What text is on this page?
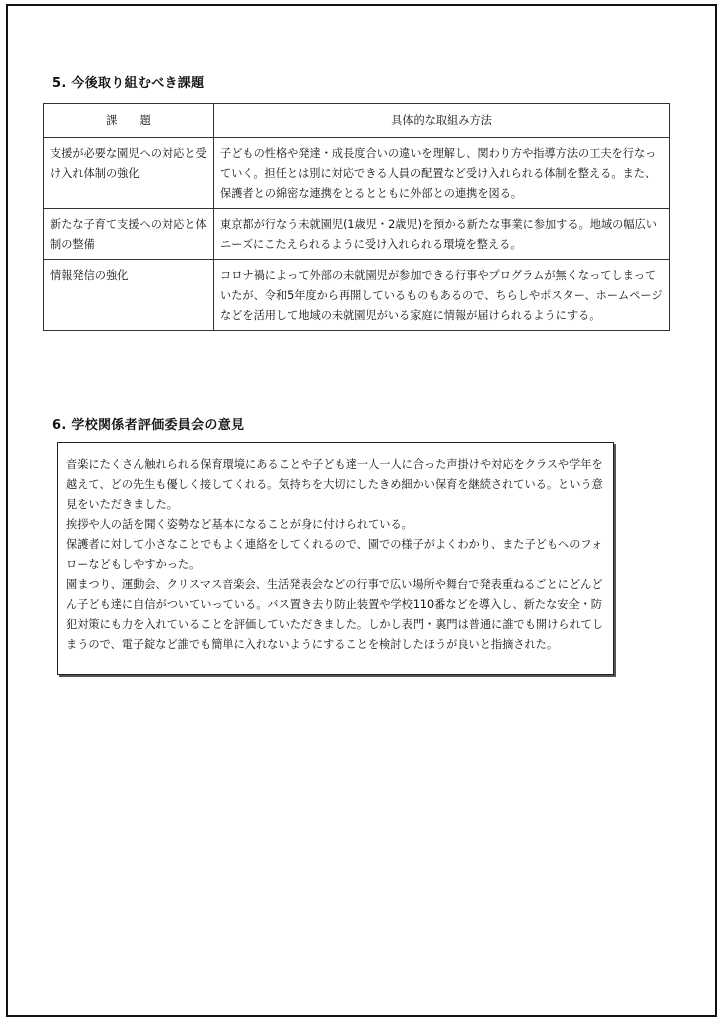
5. 今後取り組むべき課題
課　　題	具体的な取組み方法
支援が必要な園児への対応と受け入れ体制の強化	子どもの性格や発達・成長度合いの違いを理解し、関わり方や指導方法の工夫を行なっていく。担任とは別に対応できる人員の配置など受け入れられる体制を整える。また、保護者との綿密な連携をとるとともに外部との連携を図る。
新たな子育て支援への対応と体制の整備	東京都が行なう未就園児(1歳児・2歳児)を預かる新たな事業に参加する。地域の幅広いニーズにこたえられるように受け入れられる環境を整える。
情報発信の強化	コロナ禍によって外部の未就園児が参加できる行事やプログラムが無くなってしまっていたが、令和5年度から再開しているものもあるので、ちらしやポスター、ホームページなどを活用して地域の未就園児がいる家庭に情報が届けられるようにする。
6. 学校関係者評価委員会の意見

音楽にたくさん触れられる保育環境にあることや子ども達一人一人に合った声掛けや対応をクラスや学年を越えて、どの先生も優しく接してくれる。気持ちを大切にしたきめ細かい保育を継続されている。という意見をいただきました。

挨拶や人の話を聞く姿勢など基本になることが身に付けられている。

保護者に対して小さなことでもよく連絡をしてくれるので、園での様子がよくわかり、また子どもへのフォローなどもしやすかった。

園まつり、運動会、クリスマス音楽会、生活発表会などの行事で広い場所や舞台で発表重ねるごとにどんどん子ども達に自信がついていっている。バス置き去り防止装置や学校110番などを導入し、新たな安全・防犯対策にも力を入れていることを評価していただきました。しかし表門・裏門は普通に誰でも開けられてしまうので、電子錠など誰でも簡単に入れないようにすることを検討したほうが良いと指摘された。
